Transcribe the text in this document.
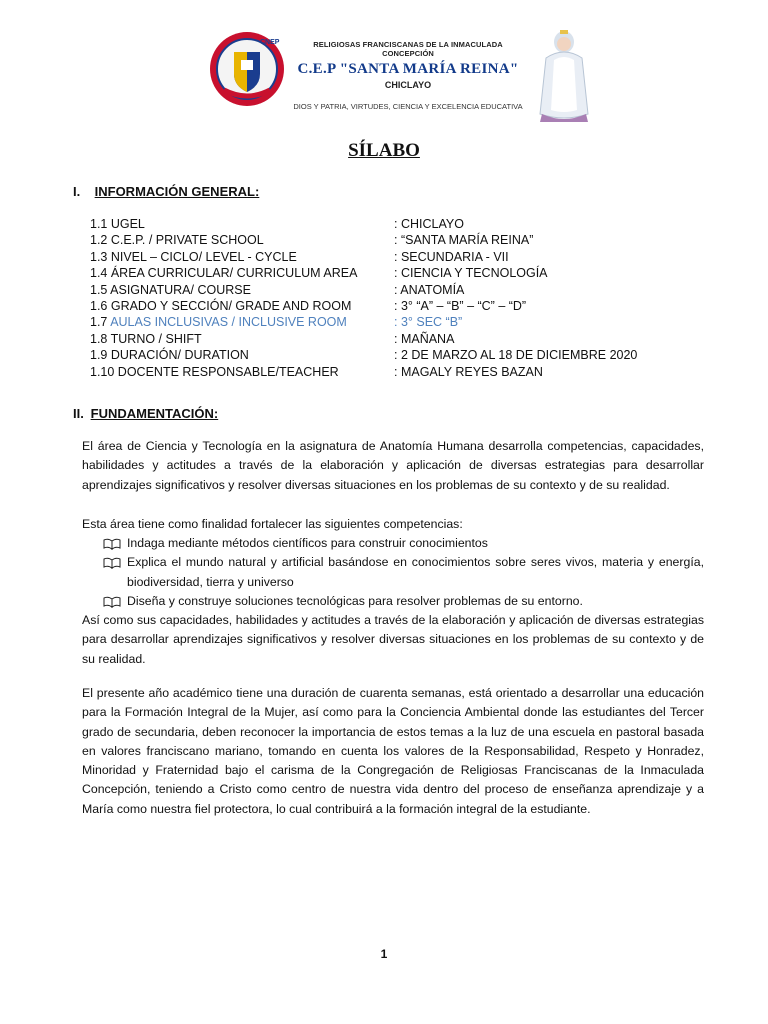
CNEP	RELIGIOSAS FRANCISCANAS DE LA INMACULADA CONCEPCIÓN
C.E.P "SANTA MARÍA REINA"
CHICLAYO
DIOS Y PATRIA, VIRTUDES, CIENCIA Y EXCELENCIA EDUCATIVA
SÍLABO
I. INFORMACIÓN GENERAL:
1.1 UGEL	: CHICLAYO
1.2 C.E.P. / PRIVATE SCHOOL	: “SANTA MARÍA REINA”
1.3 NIVEL – CICLO/ LEVEL - CYCLE	: SECUNDARIA - VII
1.4 ÁREA CURRICULAR/ CURRICULUM AREA	: CIENCIA Y TECNOLOGÍA
1.5 ASIGNATURA/ COURSE	: ANATOMÍA
1.6 GRADO Y SECCIÓN/ GRADE AND ROOM	: 3° “A” – “B” – “C” – “D”
1.7 AULAS INCLUSIVAS / INCLUSIVE ROOM	: 3° SEC “B”
1.8 TURNO / SHIFT	: MAÑANA
1.9 DURACIÓN/ DURATION	: 2 DE MARZO AL 18 DE DICIEMBRE 2020
1.10 DOCENTE RESPONSABLE/TEACHER	: MAGALY REYES BAZAN
II. FUNDAMENTACIÓN:
El área de Ciencia y Tecnología en la asignatura de Anatomía Humana desarrolla competencias, capacidades, habilidades y actitudes a través de la elaboración y aplicación de diversas estrategias para desarrollar aprendizajes significativos y resolver diversas situaciones en los problemas de su contexto y de su realidad.
Esta área tiene como finalidad fortalecer las siguientes competencias:
Indaga mediante métodos científicos para construir conocimientos
Explica el mundo natural y artificial basándose en conocimientos sobre seres vivos, materia y energía, biodiversidad, tierra y universo
Diseña y construye soluciones tecnológicas para resolver problemas de su entorno.
Así como sus capacidades, habilidades y actitudes a través de la elaboración y aplicación de diversas estrategias para desarrollar aprendizajes significativos y resolver diversas situaciones en los problemas de su contexto y de su realidad.
El presente año académico tiene una duración de cuarenta semanas, está orientado a desarrollar una educación para la Formación Integral de la Mujer, así como para la Conciencia Ambiental donde las estudiantes del Tercer grado de secundaria, deben reconocer la importancia de estos temas a la luz de una escuela en pastoral basada en valores franciscano mariano, tomando en cuenta los valores de la Responsabilidad, Respeto y Honradez, Minoridad y Fraternidad bajo el carisma de la Congregación de Religiosas Franciscanas de la Inmaculada Concepción, teniendo a Cristo como centro de nuestra vida dentro del proceso de enseñanza aprendizaje y a María como nuestra fiel protectora, lo cual contribuirá a la formación integral de la estudiante.
1
